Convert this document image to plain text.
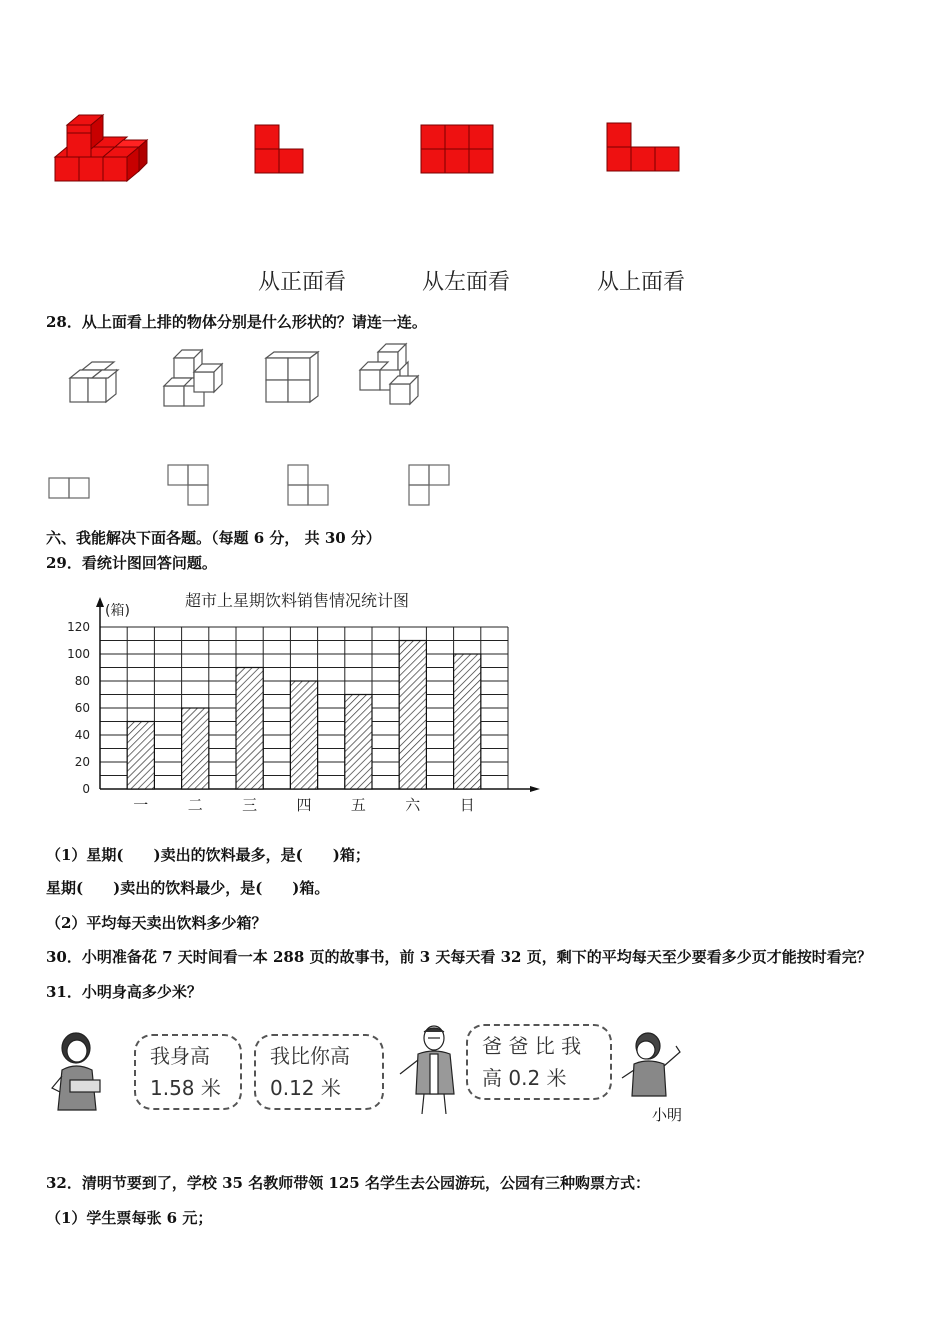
从正面看	从左面看	从上面看
28．从上面看上排的物体分别是什么形状的？请连一连。
六、我能解决下面各题。（每题 6 分， 共 30 分）
29．看统计图回答问题。
超市上星期饮料销售情况统计图
(箱)
0
20
40
60
80
100
120
一	二	三	四	五	六	日
（1）星期(　　)卖出的饮料最多，是(　　)箱；
星期(　　)卖出的饮料最少，是(　　)箱。
（2）平均每天卖出饮料多少箱？
30．小明准备花 7 天时间看一本 288 页的故事书，前 3 天每天看 32 页，剩下的平均每天至少要看多少页才能按时看完？
31．小明身高多少米？
我身高
1.58 米
我比你高
0.12 米
爸 爸 比 我
高 0.2 米
小明
32．清明节要到了，学校 35 名教师带领 125 名学生去公园游玩，公园有三种购票方式：
（1）学生票每张 6 元；
